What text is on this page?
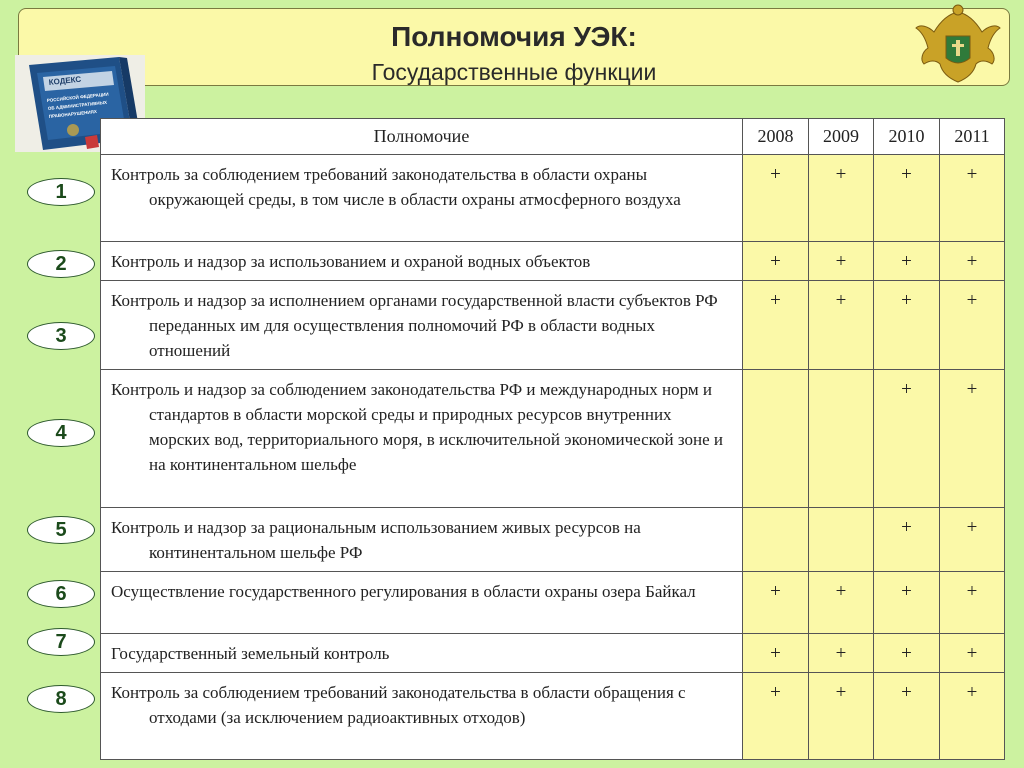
Полномочия УЭК:
Государственные функции
КОДЕКС
РОССИЙСКОЙ ФЕДЕРАЦИИ
ОБ АДМИНИСТРАТИВНЫХ
ПРАВОНАРУШЕНИЯХ
Полномочие	2008	2009	2010	2011

Контроль за соблюдением требований законодательства в области охраны окружающей среды, в том числе в области охраны атмосферного воздуха	+	+	+	+

Контроль и надзор за использованием и охраной водных объектов	+	+	+	+

Контроль и надзор за исполнением органами государственной власти субъектов РФ переданных им для осуществления полномочий РФ в области водных отношений	+	+	+	+

Контроль и надзор за соблюдением законодательства РФ и международных норм и стандартов в области морской среды и природных ресурсов внутренних морских вод, территориального моря, в исключительной экономической зоне и на континентальном шельфе			+	+

Контроль и надзор за рациональным использованием живых ресурсов на континентальном шельфе РФ			+	+

Осуществление государственного регулирования в области охраны озера Байкал	+	+	+	+

Государственный земельный контроль	+	+	+	+

Контроль за соблюдением требований законодательства в области обращения с отходами (за исключением радиоактивных отходов)	+	+	+	+
1
2
3
4
5
6
7
8
